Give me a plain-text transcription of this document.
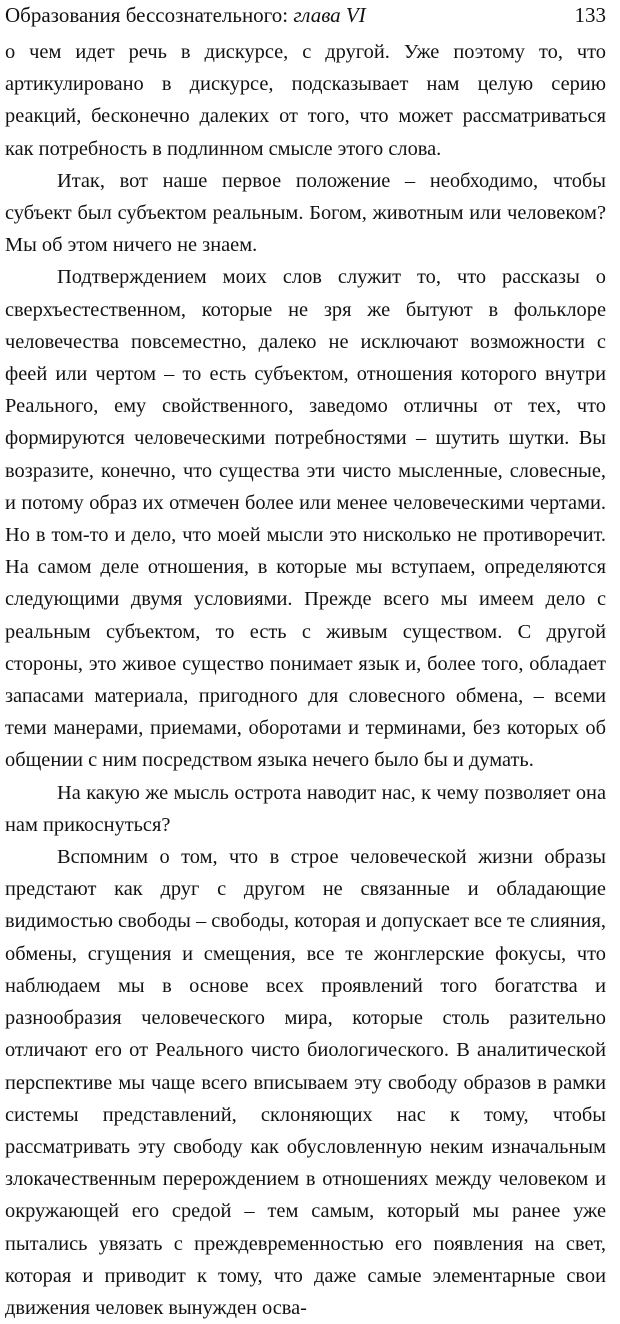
Образования бессознательного: глава VI	133

о чем идет речь в дискурсе, с другой. Уже поэтому то, что артикулировано в дискурсе, подсказывает нам целую серию реакций, бесконечно далеких от того, что может рассматриваться как потребность в подлинном смысле этого слова.

Итак, вот наше первое положение – необходимо, чтобы субъект был субъектом реальным. Богом, животным или человеком? Мы об этом ничего не знаем.

Подтверждением моих слов служит то, что рассказы о сверхъестественном, которые не зря же бытуют в фольклоре человечества повсеместно, далеко не исключают возможности с феей или чертом – то есть субъектом, отношения которого внутри Реального, ему свойственного, заведомо отличны от тех, что формируются человеческими потребностями – шутить шутки. Вы возразите, конечно, что существа эти чисто мысленные, словесные, и потому образ их отмечен более или менее человеческими чертами. Но в том-то и дело, что моей мысли это нисколько не противоречит. На самом деле отношения, в которые мы вступаем, определяются следующими двумя условиями. Прежде всего мы имеем дело с реальным субъектом, то есть с живым существом. С другой стороны, это живое существо понимает язык и, более того, обладает запасами материала, пригодного для словесного обмена, – всеми теми манерами, приемами, оборотами и терминами, без которых об общении с ним посредством языка нечего было бы и думать.

На какую же мысль острота наводит нас, к чему позволяет она нам прикоснуться?

Вспомним о том, что в строе человеческой жизни образы предстают как друг с другом не связанные и обладающие видимостью свободы – свободы, которая и допускает все те слияния, обмены, сгущения и смещения, все те жонглерские фокусы, что наблюдаем мы в основе всех проявлений того богатства и разнообразия человеческого мира, которые столь разительно отличают его от Реального чисто биологического. В аналитической перспективе мы чаще всего вписываем эту свободу образов в рамки системы представлений, склоняющих нас к тому, чтобы рассматривать эту свободу как обусловленную неким изначальным злокачественным перерождением в отношениях между человеком и окружающей его средой – тем самым, который мы ранее уже пытались увязать с преждевременностью его появления на свет, которая и приводит к тому, что даже самые элементарные свои движения человек вынужден осва-
